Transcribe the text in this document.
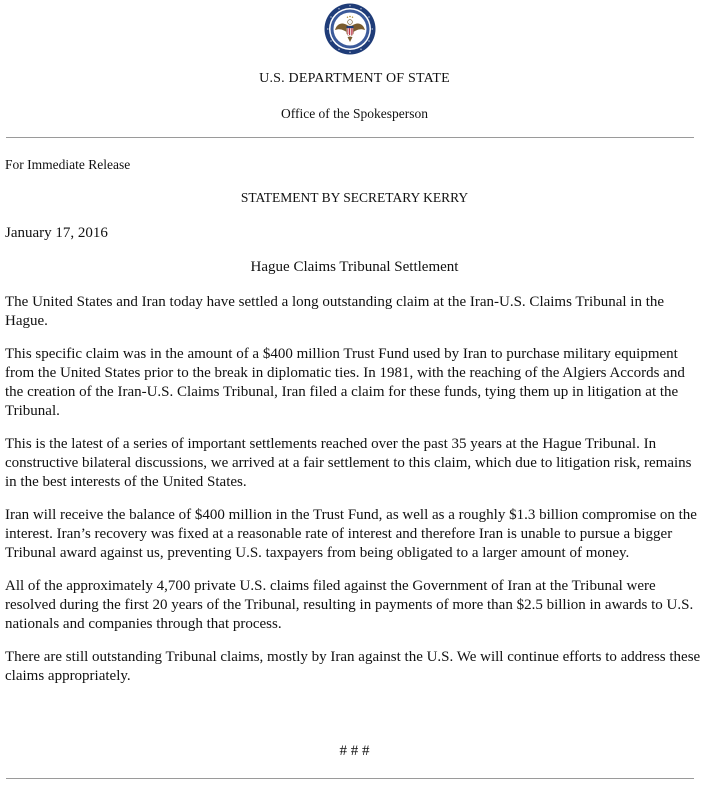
U.S. DEPARTMENT OF STATE
Office of the Spokesperson
For Immediate Release
STATEMENT BY SECRETARY KERRY
January 17, 2016
Hague Claims Tribunal Settlement

The United States and Iran today have settled a long outstanding claim at the Iran-U.S. Claims Tribunal in the Hague.

This specific claim was in the amount of a $400 million Trust Fund used by Iran to purchase military equipment from the United States prior to the break in diplomatic ties. In 1981, with the reaching of the Algiers Accords and the creation of the Iran-U.S. Claims Tribunal, Iran filed a claim for these funds, tying them up in litigation at the Tribunal.

This is the latest of a series of important settlements reached over the past 35 years at the Hague Tribunal. In constructive bilateral discussions, we arrived at a fair settlement to this claim, which due to litigation risk, remains in the best interests of the United States.

Iran will receive the balance of $400 million in the Trust Fund, as well as a roughly $1.3 billion compromise on the interest. Iran’s recovery was fixed at a reasonable rate of interest and therefore Iran is unable to pursue a bigger Tribunal award against us, preventing U.S. taxpayers from being obligated to a larger amount of money.

All of the approximately 4,700 private U.S. claims filed against the Government of Iran at the Tribunal were resolved during the first 20 years of the Tribunal, resulting in payments of more than $2.5 billion in awards to U.S. nationals and companies through that process.

There are still outstanding Tribunal claims, mostly by Iran against the U.S. We will continue efforts to address these claims appropriately.

# # #
